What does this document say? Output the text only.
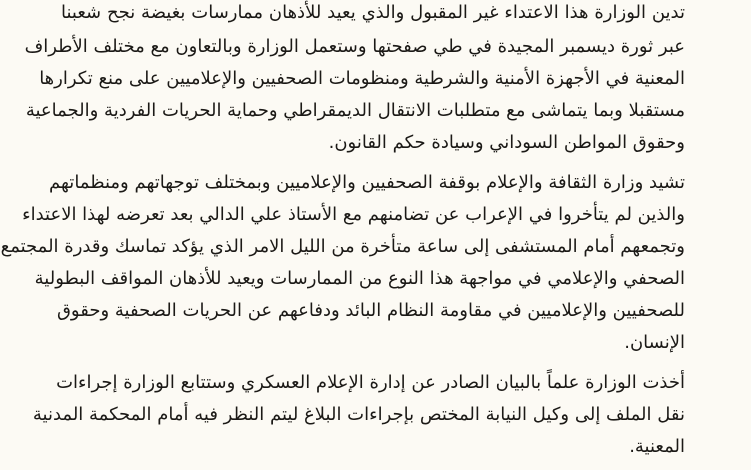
تدين الوزارة هذا الاعتداء غير المقبول والذي يعيد للأذهان ممارسات بغيضة نجح شعبنا

عبر ثورة ديسمبر المجيدة في طي صفحتها وستعمل الوزارة وبالتعاون مع مختلف الأطراف

المعنية في الأجهزة الأمنية والشرطية ومنظومات الصحفيين والإعلاميين على منع تكرارها

مستقبلا وبما يتماشى مع متطلبات الانتقال الديمقراطي وحماية الحريات الفردية والجماعية

وحقوق المواطن السوداني وسيادة حكم القانون.

تشيد وزارة الثقافة والإعلام بوقفة الصحفيين والإعلاميين وبمختلف توجهاتهم ومنظماتهم

والذين لم يتأخروا في الإعراب عن تضامنهم مع الأستاذ علي الدالي بعد تعرضه لهذا الاعتداء

وتجمعهم أمام المستشفى إلى ساعة متأخرة من الليل الامر الذي يؤكد تماسك وقدرة المجتمع

الصحفي والإعلامي في مواجهة هذا النوع من الممارسات ويعيد للأذهان المواقف البطولية

للصحفيين والإعلاميين في مقاومة النظام البائد ودفاعهم عن الحريات الصحفية وحقوق

الإنسان.

أخذت الوزارة علماً بالبيان الصادر عن إدارة الإعلام العسكري وستتابع الوزارة إجراءات

نقل الملف إلى وكيل النيابة المختص بإجراءات البلاغ ليتم النظر فيه أمام المحكمة المدنية

المعنية.
